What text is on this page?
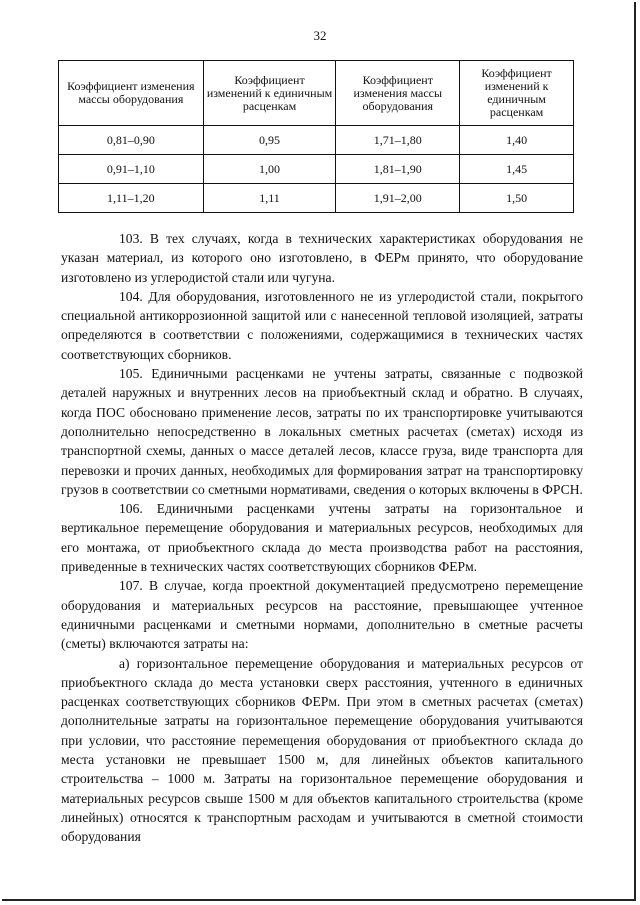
32
Коэффициент изменения массы оборудования	Коэффициент изменений к единичным расценкам	Коэффициент изменения массы оборудования	Коэффициент изменений к единичным расценкам
0,81–0,90	0,95	1,71–1,80	1,40
0,91–1,10	1,00	1,81–1,90	1,45
1,11–1,20	1,11	1,91–2,00	1,50

103. В тех случаях, когда в технических характеристиках оборудования не указан материал, из которого оно изготовлено, в ФЕРм принято, что оборудование изготовлено из углеродистой стали или чугуна.

104. Для оборудования, изготовленного не из углеродистой стали, покрытого специальной антикоррозионной защитой или с нанесенной тепловой изоляцией, затраты определяются в соответствии с положениями, содержащимися в технических частях соответствующих сборников.

105. Единичными расценками не учтены затраты, связанные с подвозкой деталей наружных и внутренних лесов на приобъектный склад и обратно. В случаях, когда ПОС обосновано применение лесов, затраты по их транспортировке учитываются дополнительно непосредственно в локальных сметных расчетах (сметах) исходя из транспортной схемы, данных о массе деталей лесов, классе груза, виде транспорта для перевозки и прочих данных, необходимых для формирования затрат на транспортировку грузов в соответствии со сметными нормативами, сведения о которых включены в ФРСН.

106. Единичными расценками учтены затраты на горизонтальное и вертикальное перемещение оборудования и материальных ресурсов, необходимых для его монтажа, от приобъектного склада до места производства работ на расстояния, приведенные в технических частях соответствующих сборников ФЕРм.

107. В случае, когда проектной документацией предусмотрено перемещение оборудования и материальных ресурсов на расстояние, превышающее учтенное единичными расценками и сметными нормами, дополнительно в сметные расчеты (сметы) включаются затраты на:

а) горизонтальное перемещение оборудования и материальных ресурсов от приобъектного склада до места установки сверх расстояния, учтенного в единичных расценках соответствующих сборников ФЕРм. При этом в сметных расчетах (сметах) дополнительные затраты на горизонтальное перемещение оборудования учитываются при условии, что расстояние перемещения оборудования от приобъектного склада до места установки не превышает 1500 м, для линейных объектов капитального строительства – 1000 м. Затраты на горизонтальное перемещение оборудования и материальных ресурсов свыше 1500 м для объектов капитального строительства (кроме линейных) относятся к транспортным расходам и учитываются в сметной стоимости оборудования
